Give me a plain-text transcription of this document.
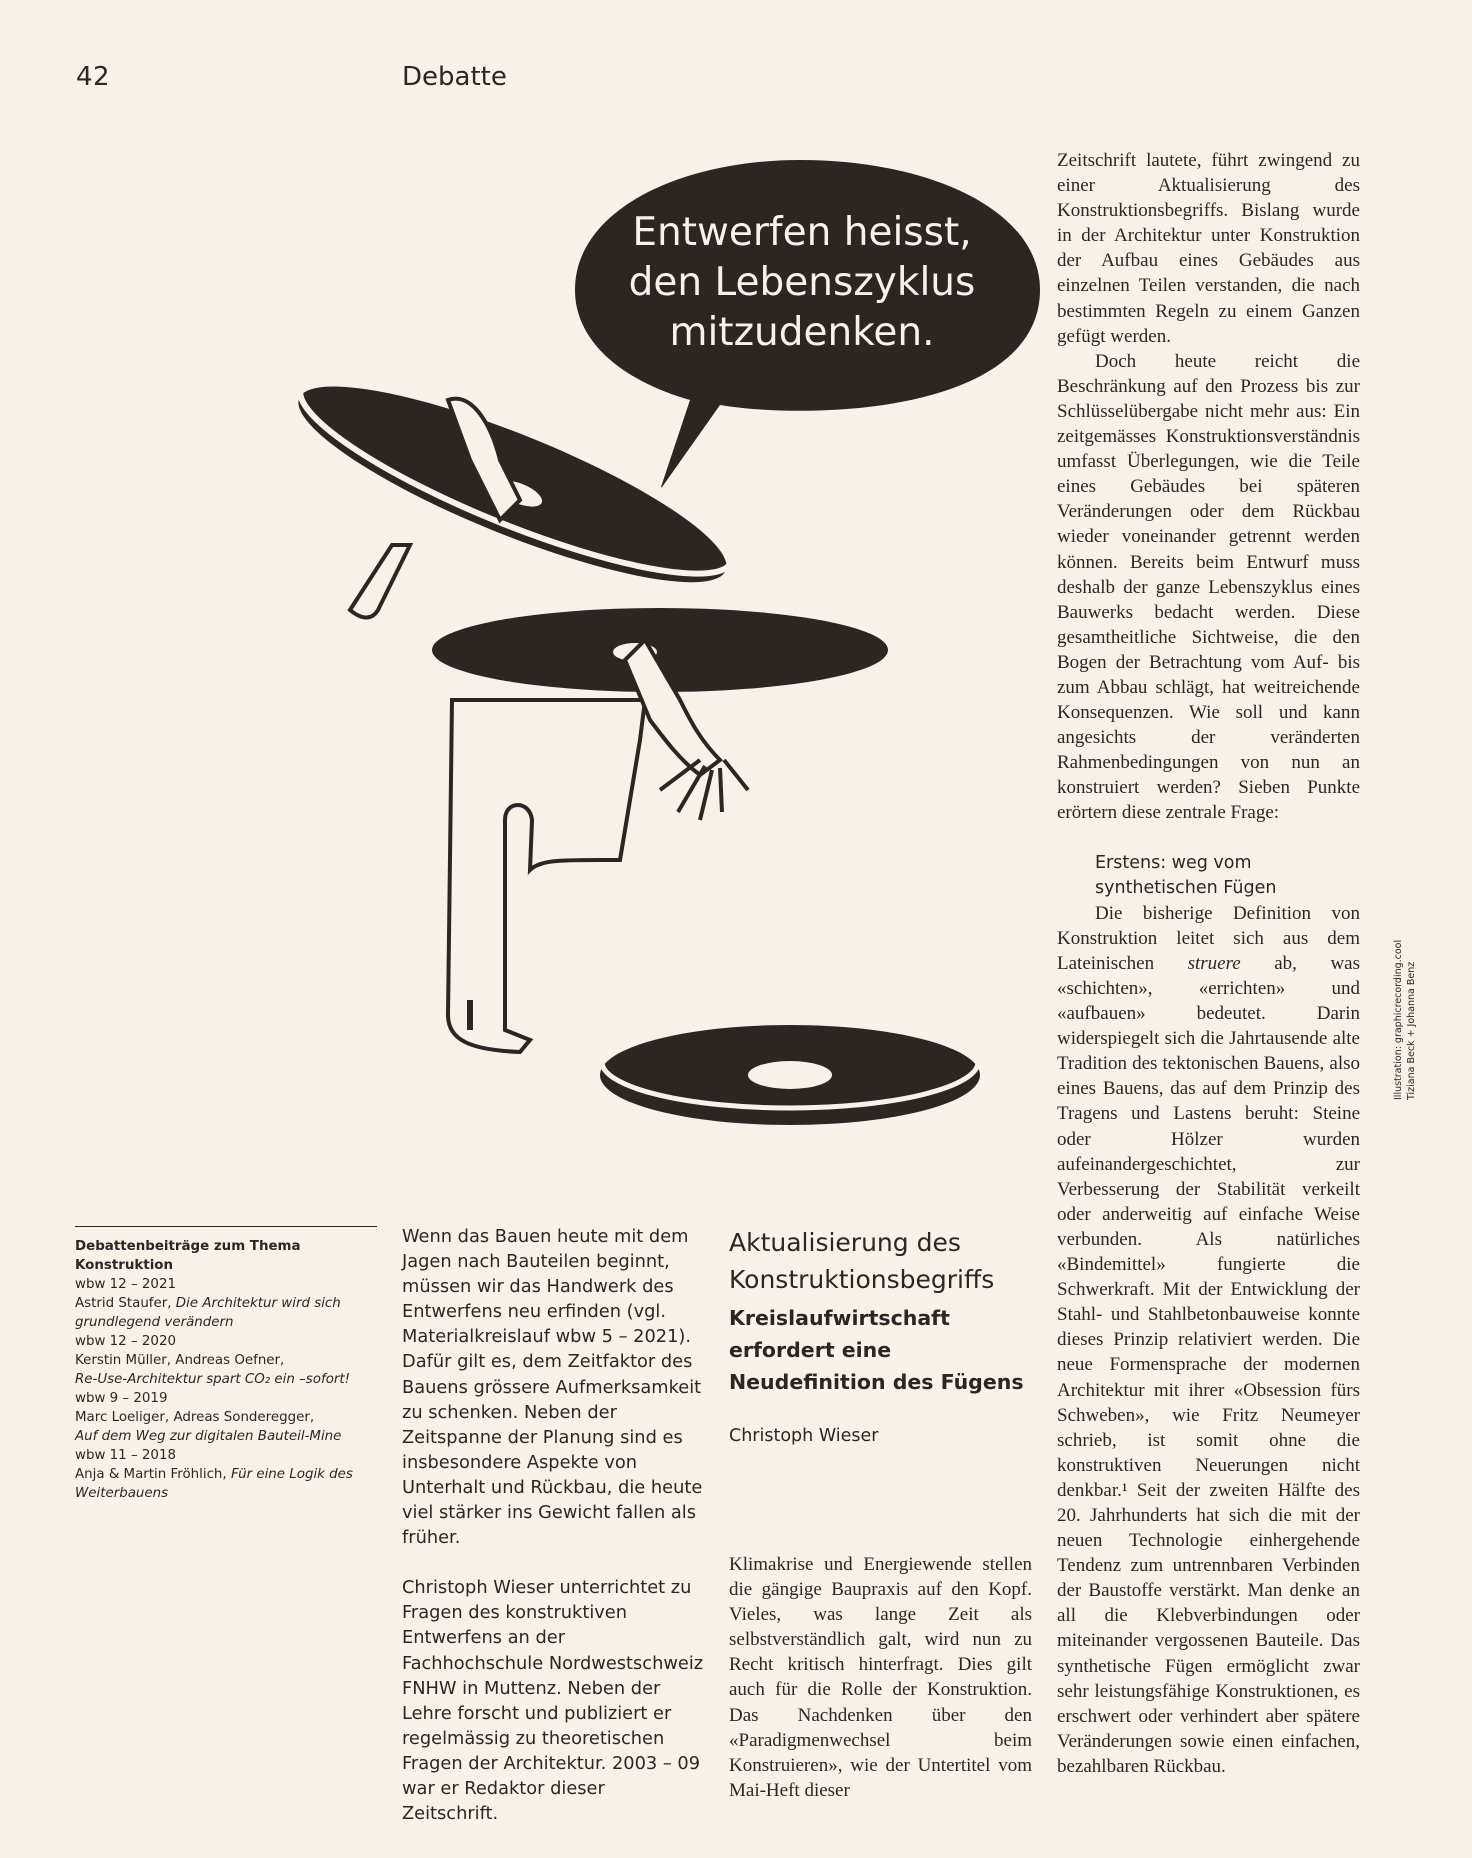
42	Debatte
Entwerfen heisst,
den Lebenszyklus
mitzudenken.

Zeitschrift lautete, führt zwingend zu einer Aktualisierung des Konstruktionsbegriffs. Bislang wurde in der Architektur unter Konstruktion der Aufbau eines Gebäudes aus einzelnen Teilen verstanden, die nach bestimmten Regeln zu einem Ganzen gefügt werden.

Doch heute reicht die Beschränkung auf den Prozess bis zur Schlüsselübergabe nicht mehr aus: Ein zeitgemässes Konstruktionsverständnis umfasst Überlegungen, wie die Teile eines Gebäudes bei späteren Veränderungen oder dem Rückbau wieder voneinander getrennt werden können. Bereits beim Entwurf muss deshalb der ganze Lebenszyklus eines Bauwerks bedacht werden. Diese gesamtheitliche Sichtweise, die den Bogen der Betrachtung vom Auf- bis zum Abbau schlägt, hat weitreichende Konsequenzen. Wie soll und kann angesichts der veränderten Rahmenbedingungen von nun an konstruiert werden? Sieben Punkte erörtern diese zentrale Frage:

Erstens: weg vom
synthetischen Fügen

Die bisherige Definition von Konstruktion leitet sich aus dem Lateinischen struere ab, was «schichten», «errichten» und «aufbauen» bedeutet. Darin widerspiegelt sich die Jahrtausende alte Tradition des tektonischen Bauens, also eines Bauens, das auf dem Prinzip des Tragens und Lastens beruht: Steine oder Hölzer wurden aufeinandergeschichtet, zur Verbesserung der Stabilität verkeilt oder anderweitig auf einfache Weise verbunden. Als natürliches «Bindemittel» fungierte die Schwerkraft. Mit der Entwicklung der Stahl- und Stahlbetonbauweise konnte dieses Prinzip relativiert werden. Die neue Formensprache der modernen Architektur mit ihrer «Obsession fürs Schweben», wie Fritz Neumeyer schrieb, ist somit ohne die konstruktiven Neuerungen nicht denkbar.¹ Seit der zweiten Hälfte des 20. Jahrhunderts hat sich die mit der neuen Technologie einhergehende Tendenz zum untrennbaren Verbinden der Baustoffe verstärkt. Man denke an all die Klebverbindungen oder miteinander vergossenen Bauteile. Das synthetische Fügen ermöglicht zwar sehr leistungsfähige Konstruktionen, es erschwert oder verhindert aber spätere Veränderungen sowie einen einfachen, bezahlbaren Rückbau.

Illustration: graphicrecording.cool Tiziana Beck + Johanna Benz
Debattenbeiträge zum Thema Konstruktion
wbw 12 – 2021
Astrid Staufer, Die Architektur wird sich grundlegend verändern
wbw 12 – 2020
Kerstin Müller, Andreas Oefner,
Re-Use-Architektur spart CO₂ ein –sofort!
wbw 9 – 2019
Marc Loeliger, Adreas Sonderegger,
Auf dem Weg zur digitalen Bauteil-Mine
wbw 11 – 2018
Anja & Martin Fröhlich, Für eine Logik des Weiterbauens

Wenn das Bauen heute mit dem Jagen nach Bauteilen beginnt, müssen wir das Handwerk des Entwerfens neu erfinden (vgl. Materialkreislauf wbw 5 – 2021). Dafür gilt es, dem Zeitfaktor des Bauens grössere Aufmerksamkeit zu schenken. Neben der Zeitspanne der Planung sind es insbesondere Aspekte von Unterhalt und Rückbau, die heute viel stärker ins Gewicht fallen als früher.

Christoph Wieser unterrichtet zu Fragen des konstruktiven Entwerfens an der Fachhochschule Nordwestschweiz FNHW in Muttenz. Neben der Lehre forscht und publiziert er regelmässig zu theoretischen Fragen der Architektur. 2003 – 09 war er Redaktor dieser Zeitschrift.

Aktualisierung des Konstruktionsbegriffs
Kreislaufwirtschaft erfordert eine Neudefinition des Fügens
Christoph Wieser
Klimakrise und Energiewende stellen die gängige Baupraxis auf den Kopf. Vieles, was lange Zeit als selbstverständlich galt, wird nun zu Recht kritisch hinterfragt. Dies gilt auch für die Rolle der Konstruktion. Das Nachdenken über den «Paradigmenwechsel beim Konstruieren», wie der Untertitel vom Mai-Heft dieser
